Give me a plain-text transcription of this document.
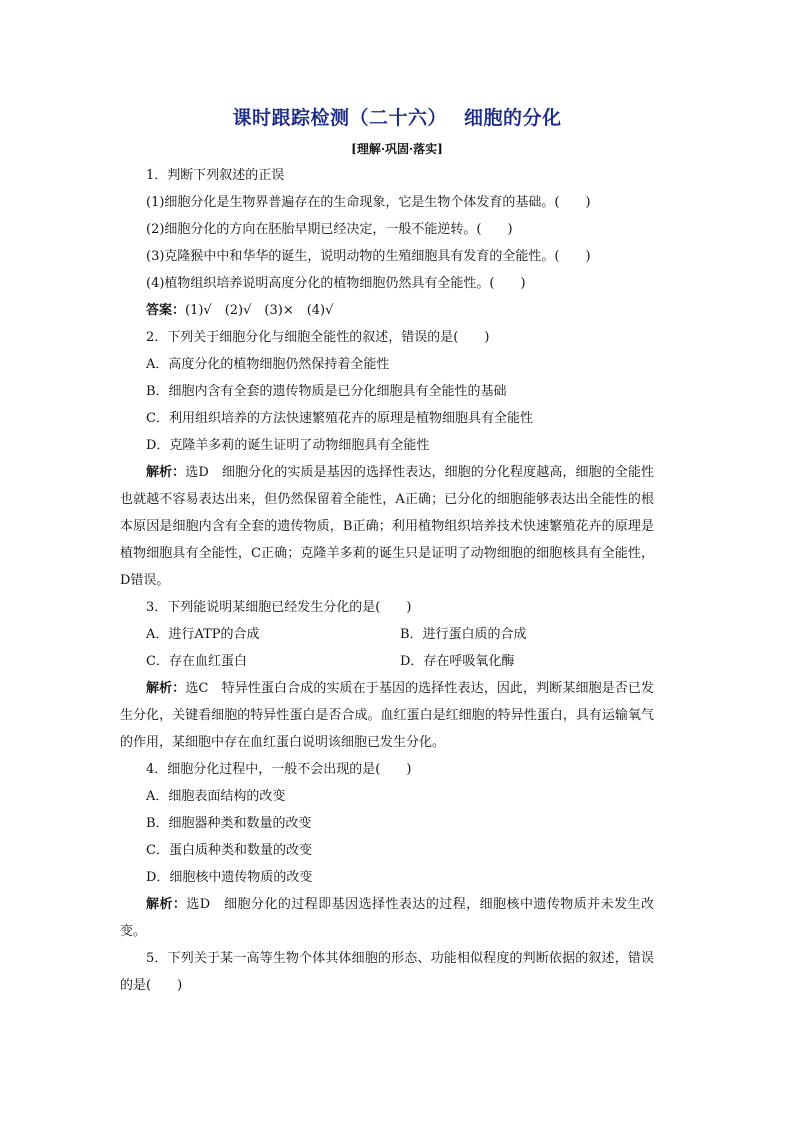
课时跟踪检测（二十六）　 细胞的分化
[理解·巩固·落实]

1．判断下列叙述的正误

(1)细胞分化是生物界普遍存在的生命现象，它是生物个体发育的基础。(　　)

(2)细胞分化的方向在胚胎早期已经决定，一般不能逆转。(　　)

(3)克隆猴中中和华华的诞生，说明动物的生殖细胞具有发育的全能性。(　　)

(4)植物组织培养说明高度分化的植物细胞仍然具有全能性。(　　)

答案：(1)√　(2)√　(3)×　(4)√

2．下列关于细胞分化与细胞全能性的叙述，错误的是(　　)

A．高度分化的植物细胞仍然保持着全能性

B．细胞内含有全套的遗传物质是已分化细胞具有全能性的基础

C．利用组织培养的方法快速繁殖花卉的原理是植物细胞具有全能性

D．克隆羊多莉的诞生证明了动物细胞具有全能性

解析：选D　细胞分化的实质是基因的选择性表达，细胞的分化程度越高，细胞的全能性也就越不容易表达出来，但仍然保留着全能性，A正确；已分化的细胞能够表达出全能性的根本原因是细胞内含有全套的遗传物质，B正确；利用植物组织培养技术快速繁殖花卉的原理是植物细胞具有全能性，C正确；克隆羊多莉的诞生只是证明了动物细胞的细胞核具有全能性，D错误。

3．下列能说明某细胞已经发生分化的是(　　)

A．进行ATP的合成	B．进行蛋白质的合成
C．存在血红蛋白	D．存在呼吸氧化酶

解析：选C　特异性蛋白合成的实质在于基因的选择性表达，因此，判断某细胞是否已发生分化，关键看细胞的特异性蛋白是否合成。血红蛋白是红细胞的特异性蛋白，具有运输氧气的作用，某细胞中存在血红蛋白说明该细胞已发生分化。

4．细胞分化过程中，一般不会出现的是(　　)

A．细胞表面结构的改变

B．细胞器种类和数量的改变

C．蛋白质种类和数量的改变

D．细胞核中遗传物质的改变

解析：选D　细胞分化的过程即基因选择性表达的过程，细胞核中遗传物质并未发生改变。

5．下列关于某一高等生物个体其体细胞的形态、功能相似程度的判断依据的叙述，错误的是(　　)
